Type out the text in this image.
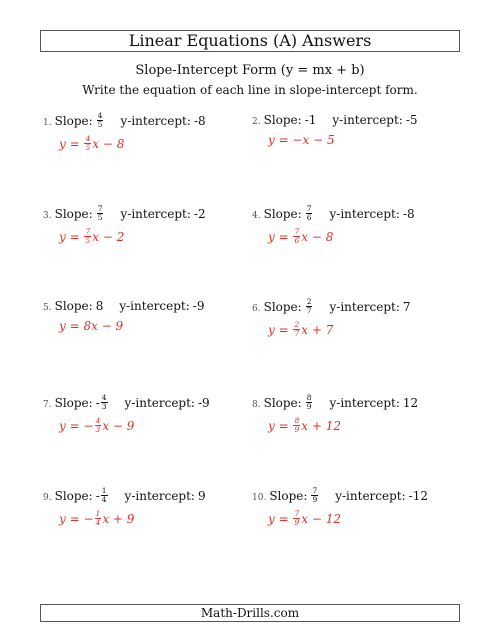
Linear Equations (A) Answers
Slope-Intercept Form (y = mx + b)
Write the equation of each line in slope-intercept form.
1. Slope: $\frac{4}{5}$ y-intercept: -8
$y = \frac{4}{5}$ x − 8
2. Slope: -1 y-intercept: -5
y = −x − 5
3. Slope: $\frac{7}{5}$ y-intercept: -2
$y = \frac{7}{5}$ x − 2
4. Slope: $\frac{7}{6}$ y-intercept: -8
$y = \frac{7}{6}$ x − 8
5. Slope: 8 y-intercept: -9
y = 8x − 9
6. Slope: $\frac{2}{7}$ y-intercept: 7
$y = \frac{2}{7}$ x + 7
7. Slope: - $\frac{4}{3}$ y-intercept: -9
y = − $\frac{4}{3}$ x − 9
8. Slope: $\frac{8}{9}$ y-intercept: 12
$y = \frac{8}{9}$ x + 12
9. Slope: - $\frac{1}{4}$ y-intercept: 9
y = − $\frac{1}{4}$ x + 9
10. Slope: $\frac{7}{9}$ y-intercept: -12
$y = \frac{7}{9}$ x − 12
Math-Drills.com
